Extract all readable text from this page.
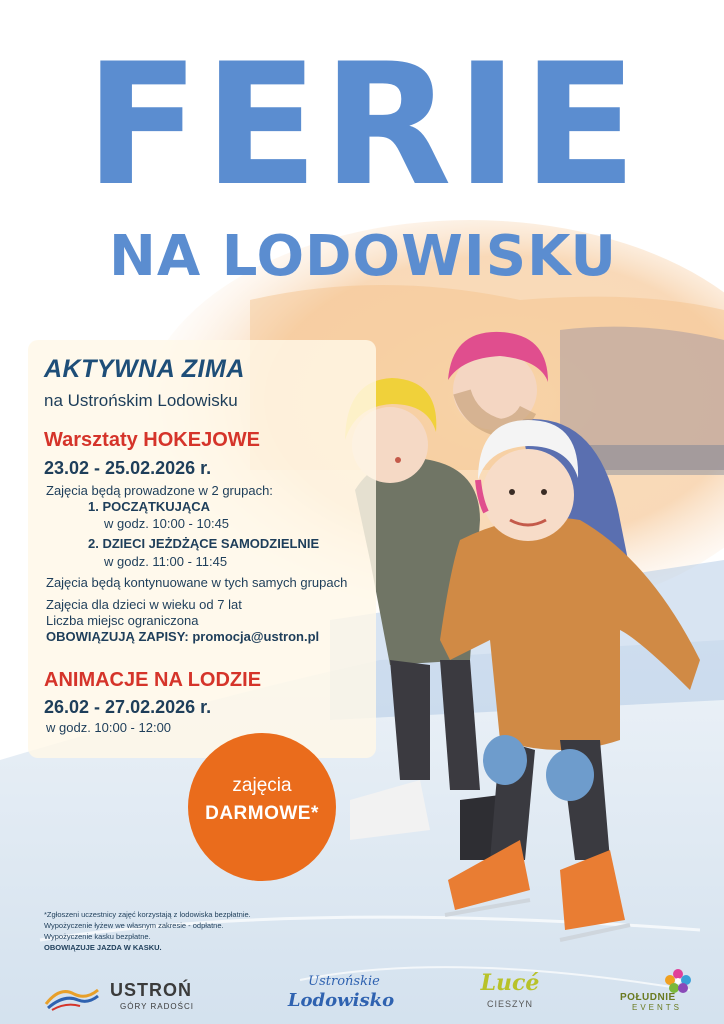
FERIE
NA LODOWISKU
AKTYWNA ZIMA
na Ustrońskim Lodowisku
Warsztaty HOKEJOWE
23.02 - 25.02.2026 r.
Zajęcia będą prowadzone w 2 grupach:
1. POCZĄTKUJĄCA
w godz. 10:00 - 10:45
2. DZIECI JEŻDŻĄCE SAMODZIELNIE
w godz. 11:00 - 11:45
Zajęcia będą kontynuowane w tych samych grupach
Zajęcia dla dzieci w wieku od 7 lat
Liczba miejsc ograniczona
OBOWIĄZUJĄ ZAPISY: promocja@ustron.pl
ANIMACJE NA LODZIE
26.02 - 27.02.2026 r.
w godz. 10:00 - 12:00
zajęcia
DARMOWE*
*Zgłoszeni uczestnicy zajęć korzystają z lodowiska bezpłatnie.
Wypożyczenie łyżew we własnym zakresie - odpłatne.
Wypożyczenie kasku bezpłatne.
OBOWIĄZUJE JAZDA W KASKU.
USTROŃ
GÓRY RADOŚCI
Ustrońskie
Lodowisko
Lucé
CIESZYN
POŁUDNIE
EVENTS
